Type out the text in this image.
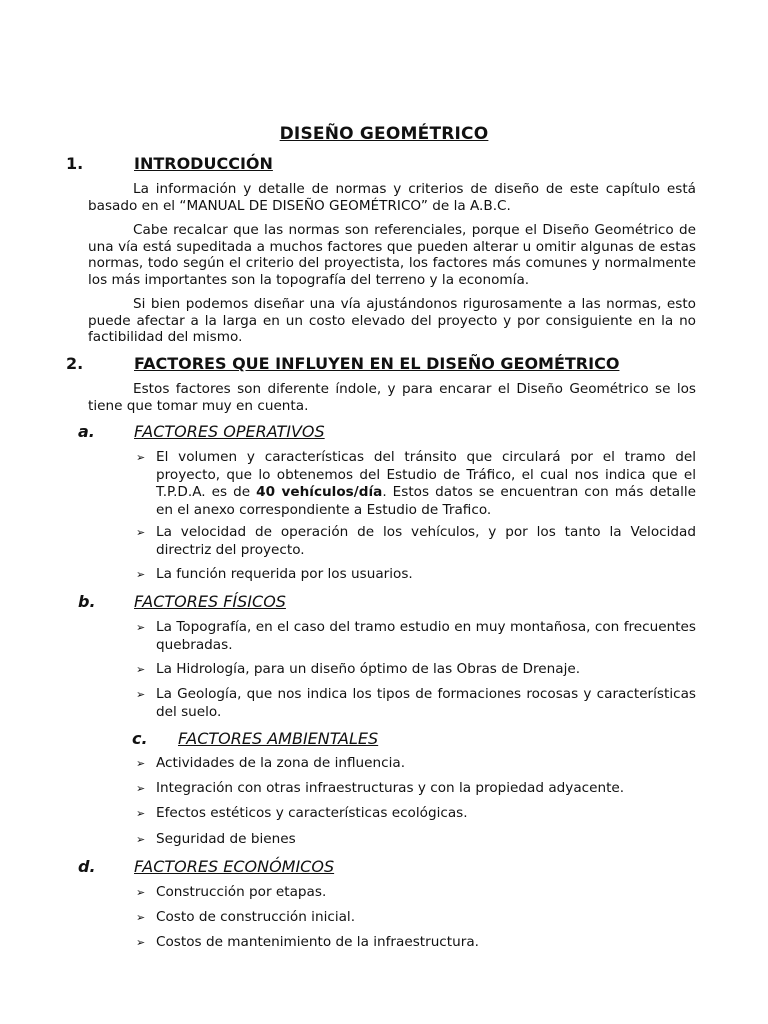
DISEÑO GEOMÉTRICO
1.	INTRODUCCIÓN
La información y detalle de normas y criterios de diseño de este capítulo está basado en el “MANUAL DE DISEÑO GEOMÉTRICO” de la A.B.C.
Cabe recalcar que las normas son referenciales, porque el Diseño Geométrico de una vía está supeditada a muchos factores que pueden alterar u omitir algunas de estas normas, todo según el criterio del proyectista, los factores más comunes y normalmente los más importantes son la topografía del terreno y la economía.
Si bien podemos diseñar una vía ajustándonos rigurosamente a las normas, esto puede afectar a la larga en un costo elevado del proyecto y por consiguiente en la no factibilidad del mismo.
2.	FACTORES QUE INFLUYEN EN EL DISEÑO GEOMÉTRICO
Estos factores son diferente índole, y para encarar el Diseño Geométrico se los tiene que tomar muy en cuenta.
a. FACTORES OPERATIVOS
➢ El volumen y características del tránsito que circulará por el tramo del proyecto, que lo obtenemos del Estudio de Tráfico, el cual nos indica que el T.P.D.A. es de 40 vehículos/día. Estos datos se encuentran con más detalle en el anexo correspondiente a Estudio de Trafico.
➢ La velocidad de operación de los vehículos, y por los tanto la Velocidad directriz del proyecto.
➢ La función requerida por los usuarios.
b. FACTORES FÍSICOS
➢ La Topografía, en el caso del tramo estudio en muy montañosa, con frecuentes quebradas.
➢ La Hidrología, para un diseño óptimo de las Obras de Drenaje.
➢ La Geología, que nos indica los tipos de formaciones rocosas y características del suelo.
c. FACTORES AMBIENTALES
➢ Actividades de la zona de influencia.
➢ Integración con otras infraestructuras y con la propiedad adyacente.
➢ Efectos estéticos y características ecológicas.
➢ Seguridad de bienes
d. FACTORES ECONÓMICOS
➢ Construcción por etapas.
➢ Costo de construcción inicial.
➢ Costos de mantenimiento de la infraestructura.
